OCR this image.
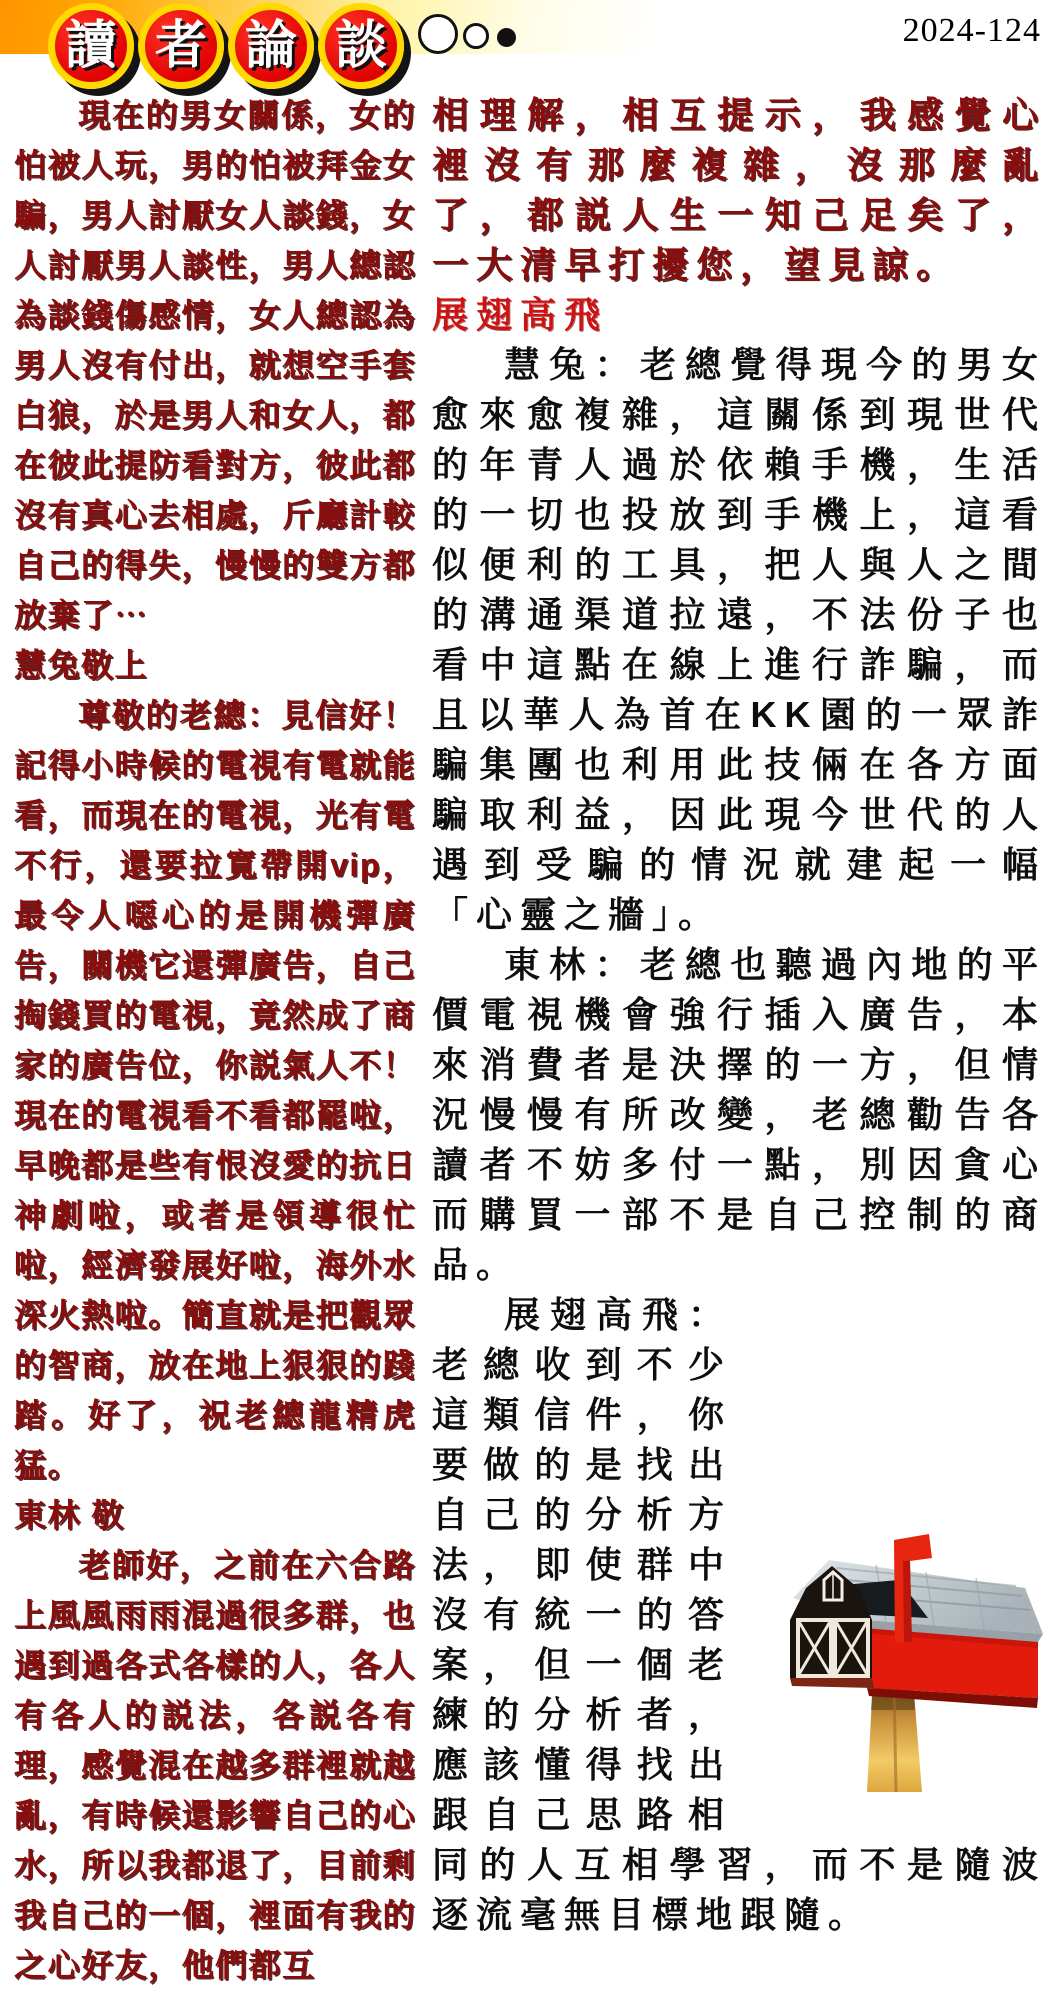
讀 者 論 談	2024-124

現在的男女關係，女的怕被人玩，男的怕被拜金女騙，男人討厭女人談錢，女人討厭男人談性，男人總認為談錢傷感情，女人總認為男人沒有付出，就想空手套白狼，於是男人和女人，都在彼此提防看對方，彼此都沒有真心去相處，斤廳計較自己的得失，慢慢的雙方都放棄了⋯

慧兔敬上

尊敬的老總：見信好！記得小時候的電視有電就能看，而現在的電視，光有電不行，還要拉寬帶開vip，最令人噁心的是開機彈廣告，關機它還彈廣告，自己掏錢買的電視，竟然成了商家的廣告位，你説氣人不！現在的電視看不看都罷啦，早晚都是些有恨沒愛的抗日神劇啦，或者是領導很忙啦，經濟發展好啦，海外水深火熱啦。簡直就是把觀眾的智商，放在地上狠狠的踐踏。好了，祝老總龍精虎猛。

東林 敬

老師好，之前在六合路上風風雨雨混過很多群，也遇到過各式各樣的人，各人有各人的説法，各説各有理，感覺混在越多群裡就越亂，有時候還影響自己的心水，所以我都退了，目前剩我自己的一個，裡面有我的之心好友，他們都互

相理解，相互提示，我感覺心裡沒有那麼複雜，沒那麼亂了，都説人生一知己足矣了，一大清早打擾您，望見諒。

展翅高飛

慧兔：老總覺得現今的男女愈來愈複雜，這關係到現世代的年青人過於依賴手機，生活的一切也投放到手機上，這看似便利的工具，把人與人之間的溝通渠道拉遠，不法份子也看中這點在線上進行詐騙，而且以華人為首在KK園的一眾詐騙集團也利用此技倆在各方面騙取利益，因此現今世代的人遇到受騙的情況就建起一幅「心靈之牆」。

東林：老總也聽過內地的平價電視機會強行插入廣告，本來消費者是決擇的一方，但情況慢慢有所改變，老總勸告各讀者不妨多付一點，別因貪心而購買一部不是自己控制的商品。

展翅高飛：老總收到不少這類信件，你要做的是找出自己的分析方法，即使群中沒有統一的答案，但一個老練的分析者，應該懂得找出跟自己思路相同的人互相學習，而不是隨波逐流毫無目標地跟隨。
